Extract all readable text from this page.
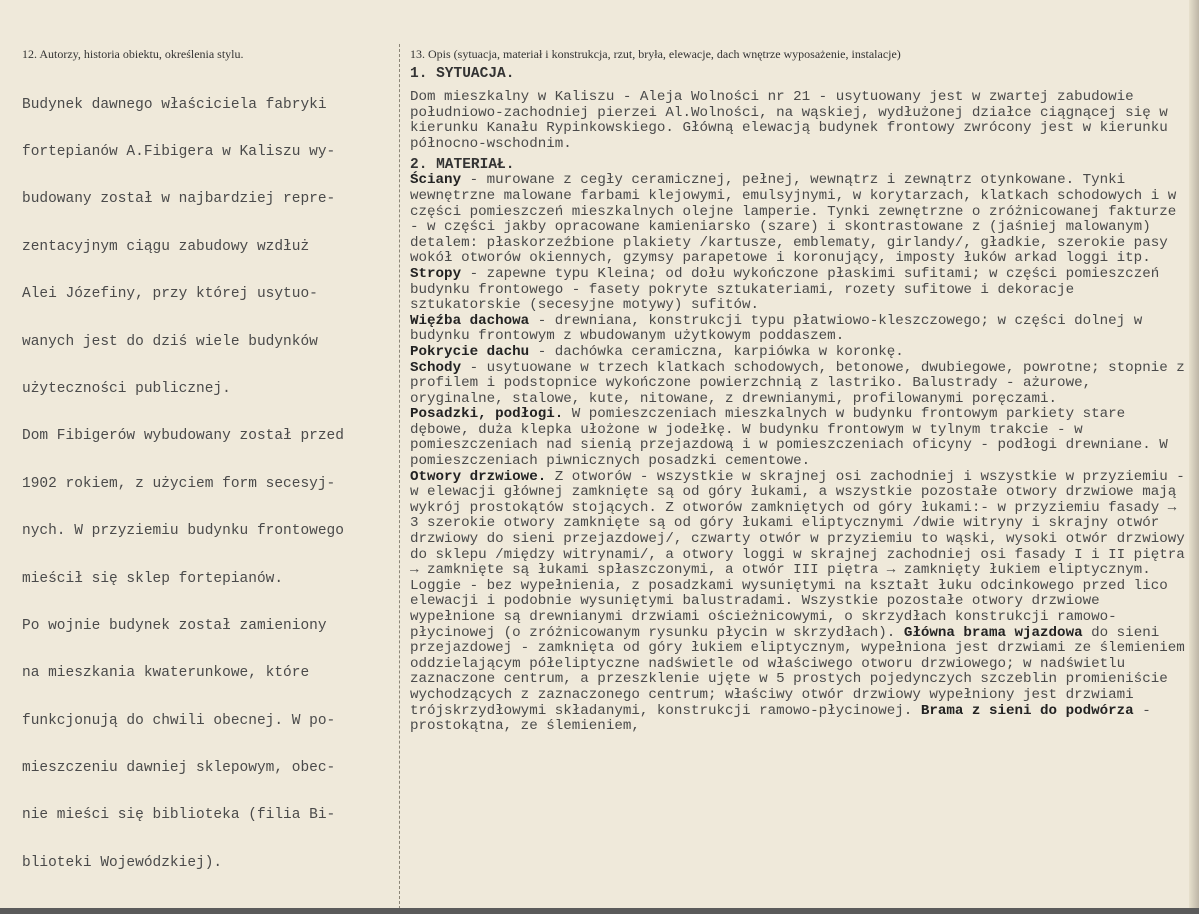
12. Autorzy, historia obiektu, określenia stylu.

Budynek dawnego właściciela fabryki

fortepianów A.Fibigera w Kaliszu wy-

budowany został w najbardziej repre-

zentacyjnym ciągu zabudowy wzdłuż

Alei Józefiny, przy której usytuo-

wanych jest do dziś wiele budynków

użyteczności publicznej.

Dom Fibigerów wybudowany został przed

1902 rokiem, z użyciem form secesyj-

nych. W przyziemiu budynku frontowego

mieścił się sklep fortepianów.

Po wojnie budynek został zamieniony

na mieszkania kwaterunkowe, które

funkcjonują do chwili obecnej. W po-

mieszczeniu dawniej sklepowym, obec-

nie mieści się biblioteka (filia Bi-

blioteki Wojewódzkiej).

13. Opis (sytuacja, materiał i konstrukcja, rzut, bryła, elewacje, dach wnętrze wyposażenie, instalacje)
1. SYTUACJA.

Dom mieszkalny w Kaliszu - Aleja Wolności nr 21 - usytuowany jest w zwartej zabudowie południowo-zachodniej pierzei Al.Wolności, na wąskiej, wydłużonej działce ciągnącej się w kierunku Kanału Rypinkowskiego. Główną elewacją budynek frontowy zwrócony jest w kierunku północno-wschodnim.

2. MATERIAŁ.

Ściany - murowane z cegły ceramicznej, pełnej, wewnątrz i zewnątrz otynkowane. Tynki wewnętrzne malowane farbami klejowymi, emulsyjnymi, w korytarzach, klatkach schodowych i w części pomieszczeń mieszkalnych olejne lamperie. Tynki zewnętrzne o zróżnicowanej fakturze - w części jakby opracowane kamieniarsko (szare) i skontrastowane z (jaśniej malowanym) detalem: płaskorzeźbione plakiety /kartusze, emblematy, girlandy/, gładkie, szerokie pasy wokół otworów okiennych, gzymsy parapetowe i koronujący, imposty łuków arkad loggi itp.

Stropy - zapewne typu Kleina; od dołu wykończone płaskimi sufitami; w części pomieszczeń budynku frontowego - fasety pokryte sztukateriami, rozety sufitowe i dekoracje sztukatorskie (secesyjne motywy) sufitów.

Więźba dachowa - drewniana, konstrukcji typu płatwiowo-kleszczowego; w części dolnej w budynku frontowym z wbudowanym użytkowym poddaszem.

Pokrycie dachu - dachówka ceramiczna, karpiówka w koronkę.

Schody - usytuowane w trzech klatkach schodowych, betonowe, dwubiegowe, powrotne; stopnie z profilem i podstopnice wykończone powierzchnią z lastriko. Balustrady - ażurowe, oryginalne, stalowe, kute, nitowane, z drewnianymi, profilowanymi poręczami.

Posadzki, podłogi. W pomieszczeniach mieszkalnych w budynku frontowym parkiety stare dębowe, duża klepka ułożone w jodełkę. W budynku frontowym w tylnym trakcie - w pomieszczeniach nad sienią przejazdową i w pomieszczeniach oficyny - podłogi drewniane. W pomieszczeniach piwnicznych posadzki cementowe.

Otwory drzwiowe. Z otworów - wszystkie w skrajnej osi zachodniej i wszystkie w przyziemiu - w elewacji głównej zamknięte są od góry łukami, a wszystkie pozostałe otwory drzwiowe mają wykrój prostokątów stojących. Z otworów zamkniętych od góry łukami:- w przyziemiu fasady → 3 szerokie otwory zamknięte są od góry łukami eliptycznymi /dwie witryny i skrajny otwór drzwiowy do sieni przejazdowej/, czwarty otwór w przyziemiu to wąski, wysoki otwór drzwiowy do sklepu /między witrynami/, a otwory loggi w skrajnej zachodniej osi fasady I i II piętra → zamknięte są łukami spłaszczonymi, a otwór III piętra → zamknięty łukiem eliptycznym. Loggie - bez wypełnienia, z posadzkami wysuniętymi na kształt łuku odcinkowego przed lico elewacji i podobnie wysuniętymi balustradami. Wszystkie pozostałe otwory drzwiowe wypełnione są drewnianymi drzwiami ościeżnicowymi, o skrzydłach konstrukcji ramowo-płycinowej (o zróżnicowanym rysunku płycin w skrzydłach). Główna brama wjazdowa do sieni przejazdowej - zamknięta od góry łukiem eliptycznym, wypełniona jest drzwiami ze ślemieniem oddzielającym półeliptyczne nadświetle od właściwego otworu drzwiowego; w nadświetlu zaznaczone centrum, a przeszklenie ujęte w 5 prostych pojedynczych szczeblin promieniście wychodzących z zaznaczonego centrum; właściwy otwór drzwiowy wypełniony jest drzwiami trójskrzydłowymi składanymi, konstrukcji ramowo-płycinowej. Brama z sieni do podwórza - prostokątna, ze ślemieniem,
